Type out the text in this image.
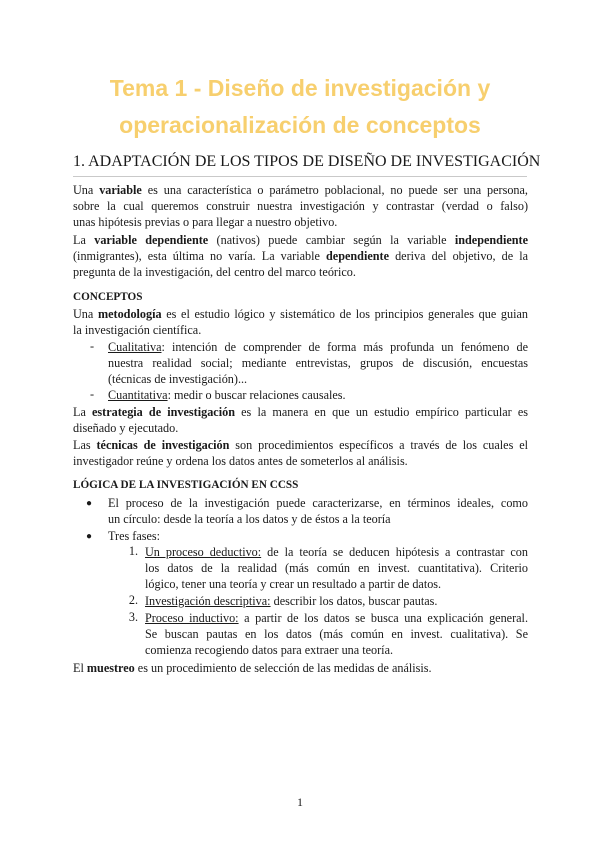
Tema 1 - Diseño de investigación y
operacionalización de conceptos
1. ADAPTACIÓN DE LOS TIPOS DE DISEÑO DE INVESTIGACIÓN
Una variable es una característica o parámetro poblacional, no puede ser una persona,
sobre la cual queremos construir nuestra investigación y contrastar (verdad o falso)
unas hipótesis previas o para llegar a nuestro objetivo.
La variable dependiente (nativos) puede cambiar según la variable independiente
(inmigrantes), esta última no varía. La variable dependiente deriva del objetivo, de la
pregunta de la investigación, del centro del marco teórico.
CONCEPTOS
Una metodología es el estudio lógico y sistemático de los principios generales que guian
la investigación científica.
- Cualitativa: intención de comprender de forma más profunda un fenómeno de
nuestra realidad social; mediante entrevistas, grupos de discusión, encuestas
(técnicas de investigación)...
- Cuantitativa: medir o buscar relaciones causales.
La estrategia de investigación es la manera en que un estudio empírico particular es
diseñado y ejecutado.
Las técnicas de investigación son procedimientos específicos a través de los cuales el
investigador reúne y ordena los datos antes de someterlos al análisis.
LÓGICA DE LA INVESTIGACIÓN EN CCSS
● El proceso de la investigación puede caracterizarse, en términos ideales, como
un círculo: desde la teoría a los datos y de éstos a la teoría
● Tres fases:
1. Un proceso deductivo: de la teoría se deducen hipótesis a contrastar con
los datos de la realidad (más común en invest. cuantitativa). Criterio
lógico, tener una teoría y crear un resultado a partir de datos.
2. Investigación descriptiva: describir los datos, buscar pautas.
3. Proceso inductivo: a partir de los datos se busca una explicación general.
Se buscan pautas en los datos (más común en invest. cualitativa). Se
comienza recogiendo datos para extraer una teoría.
El muestreo es un procedimiento de selección de las medidas de análisis.
1
